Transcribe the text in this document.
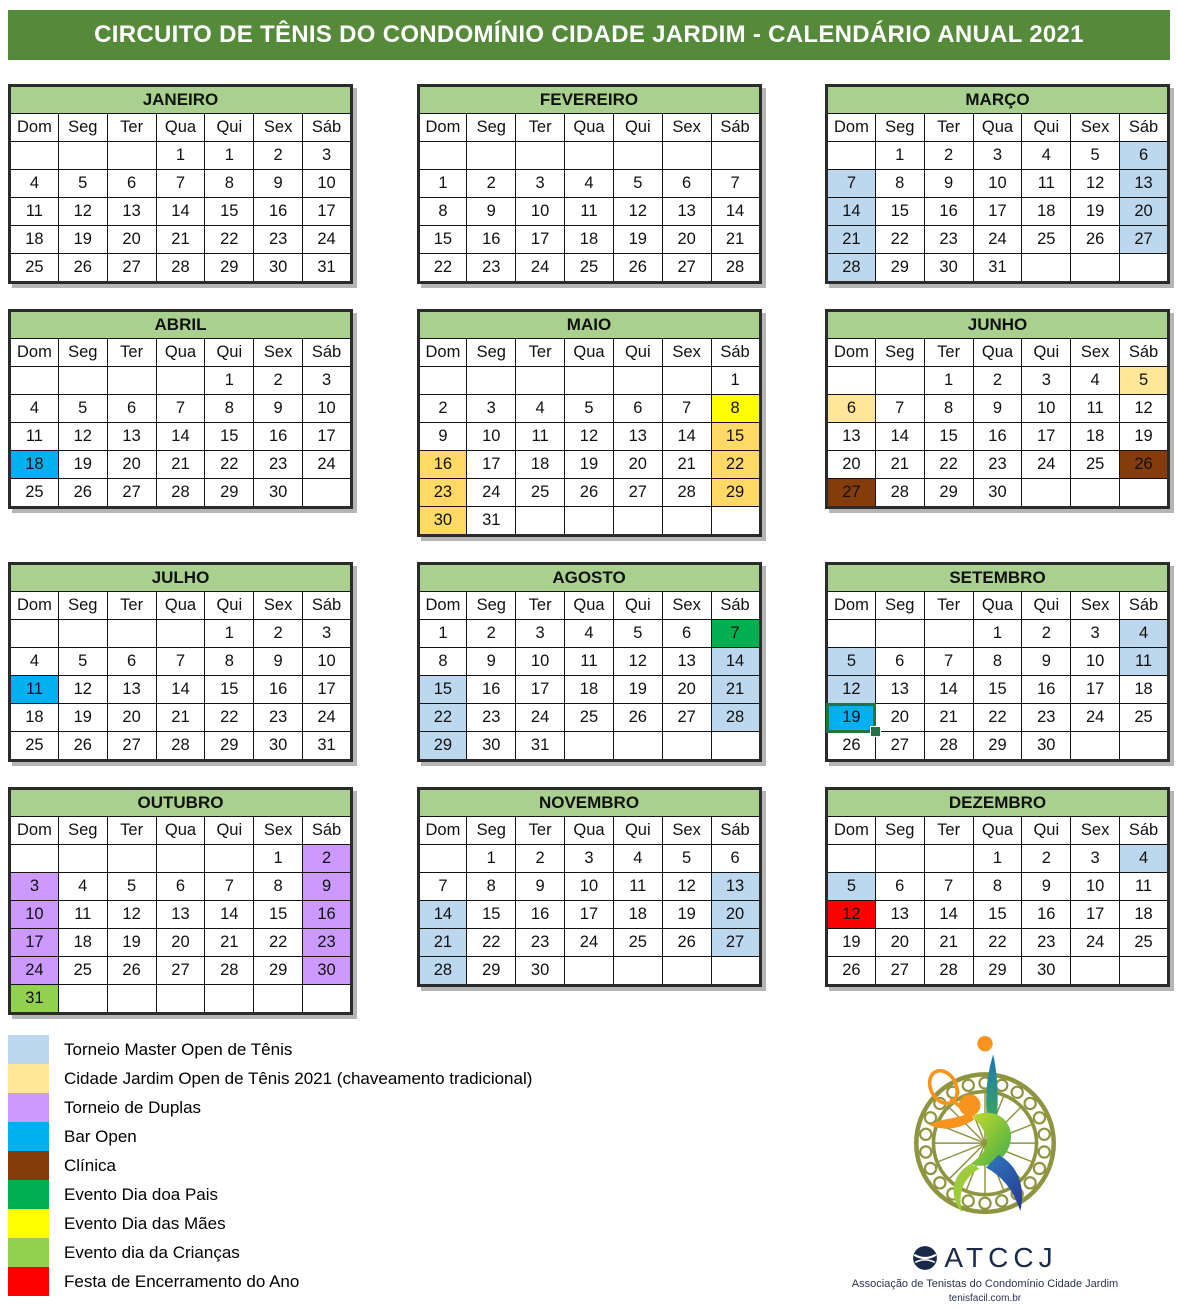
CIRCUITO DE TÊNIS DO CONDOMÍNIO CIDADE JARDIM - CALENDÁRIO ANUAL 2021
JANEIRO						
Dom	Seg	Ter	Qua	Qui	Sex	Sáb
			1	1	2	3
4	5	6	7	8	9	10
11	12	13	14	15	16	17
18	19	20	21	22	23	24
25	26	27	28	29	30	31
FEVEREIRO						
Dom	Seg	Ter	Qua	Qui	Sex	Sáb

1	2	3	4	5	6	7
8	9	10	11	12	13	14
15	16	17	18	19	20	21
22	23	24	25	26	27	28
MARÇO						
Dom	Seg	Ter	Qua	Qui	Sex	Sáb
	1	2	3	4	5	6
7	8	9	10	11	12	13
14	15	16	17	18	19	20
21	22	23	24	25	26	27
28	29	30	31			
ABRIL						
Dom	Seg	Ter	Qua	Qui	Sex	Sáb
				1	2	3
4	5	6	7	8	9	10
11	12	13	14	15	16	17
18	19	20	21	22	23	24
25	26	27	28	29	30	
MAIO						
Dom	Seg	Ter	Qua	Qui	Sex	Sáb
						1
2	3	4	5	6	7	8
9	10	11	12	13	14	15
16	17	18	19	20	21	22
23	24	25	26	27	28	29
30	31					
JUNHO						
Dom	Seg	Ter	Qua	Qui	Sex	Sáb
		1	2	3	4	5
6	7	8	9	10	11	12
13	14	15	16	17	18	19
20	21	22	23	24	25	26
27	28	29	30			
JULHO						
Dom	Seg	Ter	Qua	Qui	Sex	Sáb
				1	2	3
4	5	6	7	8	9	10
11	12	13	14	15	16	17
18	19	20	21	22	23	24
25	26	27	28	29	30	31
AGOSTO						
Dom	Seg	Ter	Qua	Qui	Sex	Sáb
1	2	3	4	5	6	7
8	9	10	11	12	13	14
15	16	17	18	19	20	21
22	23	24	25	26	27	28
29	30	31				
SETEMBRO						
Dom	Seg	Ter	Qua	Qui	Sex	Sáb
			1	2	3	4
5	6	7	8	9	10	11
12	13	14	15	16	17	18
19	20	21	22	23	24	25
26	27	28	29	30		
OUTUBRO						
Dom	Seg	Ter	Qua	Qui	Sex	Sáb
					1	2
3	4	5	6	7	8	9
10	11	12	13	14	15	16
17	18	19	20	21	22	23
24	25	26	27	28	29	30
31						
NOVEMBRO						
Dom	Seg	Ter	Qua	Qui	Sex	Sáb
	1	2	3	4	5	6
7	8	9	10	11	12	13
14	15	16	17	18	19	20
21	22	23	24	25	26	27
28	29	30				
DEZEMBRO						
Dom	Seg	Ter	Qua	Qui	Sex	Sáb
			1	2	3	4
5	6	7	8	9	10	11
12	13	14	15	16	17	18
19	20	21	22	23	24	25
26	27	28	29	30		
Torneio Master Open de Tênis
Cidade Jardim Open de Tênis 2021 (chaveamento tradicional)
Torneio de Duplas
Bar Open
Clínica
Evento Dia doa Pais
Evento Dia das Mães
Evento dia da Crianças
Festa de Encerramento do Ano
ATCCJ
Associação de Tenistas do Condomínio Cidade Jardim
tenisfacil.com.br
